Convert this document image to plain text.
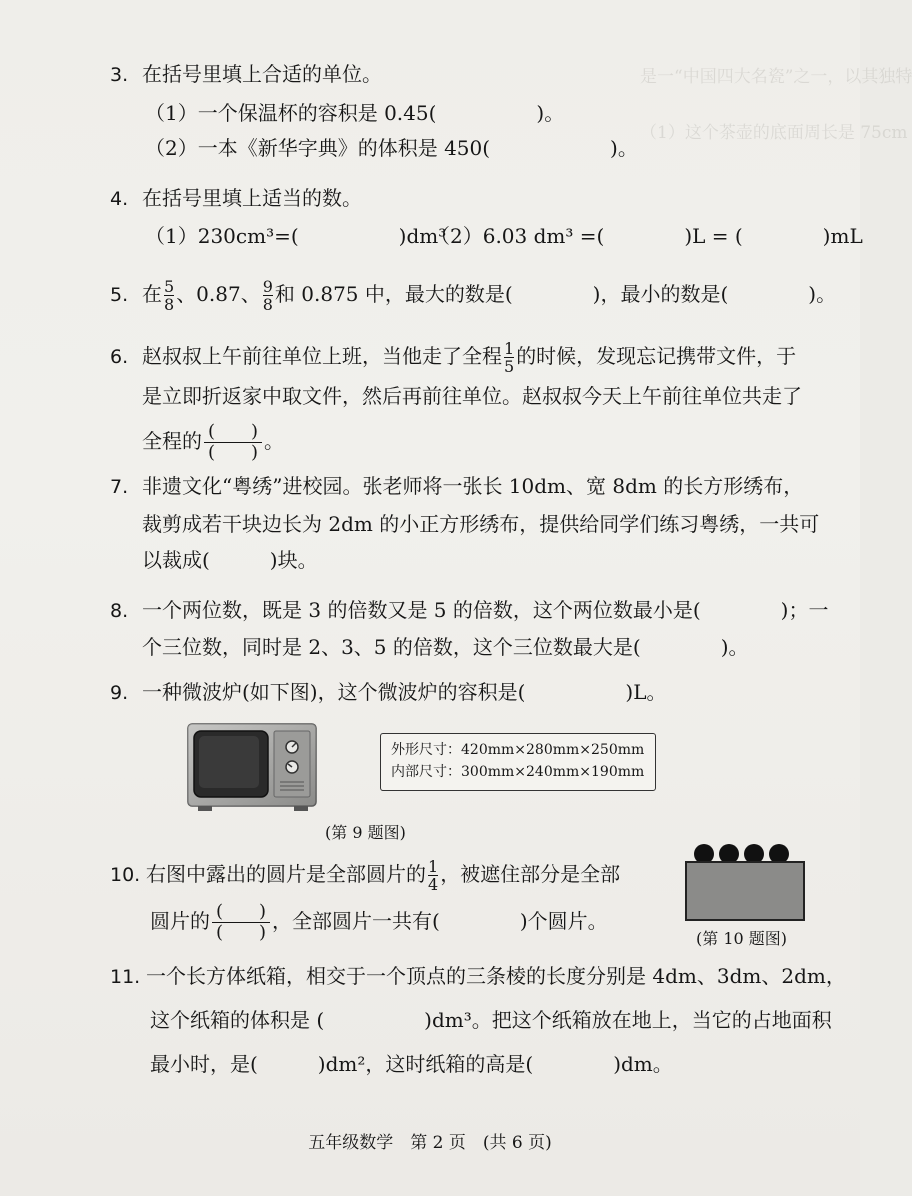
是一“中国四大名瓷”之一，以其独特
（1）这个茶壶的底面周长是 75cm
3. 在括号里填上合适的单位。
（1）一个保温杯的容积是 0.45(　　　　　)。
（2）一本《新华字典》的体积是 450(　　　　　　)。
4. 在括号里填上适当的数。
（1）230cm³=(　　　　　)dm³
（2）6.03 dm³ =(　　　　)L = (　　　　)mL
5. 在 $\frac{5}{8}$ 、0.87、 $\frac{9}{8}$ 和 0.875 中，最大的数是(　　　　)，最小的数是(　　　　)。
6. 赵叔叔上午前往单位上班，当他走了全程 $\frac{1}{5}$ 的时候，发现忘记携带文件，于
是立即折返家中取文件，然后再前往单位。赵叔叔今天上午前往单位共走了
全程的 $\frac{( )}{( )}$ 。
7. 非遗文化“粤绣”进校园。张老师将一张长 10dm、宽 8dm 的长方形绣布，
裁剪成若干块边长为 2dm 的小正方形绣布，提供给同学们练习粤绣，一共可
以裁成(　　　)块。
8. 一个两位数，既是 3 的倍数又是 5 的倍数，这个两位数最小是(　　　　)；一
个三位数，同时是 2、3、5 的倍数，这个三位数最大是(　　　　)。
9. 一种微波炉(如下图)，这个微波炉的容积是(　　　　　)L。
外形尺寸：420mm×280mm×250mm
内部尺寸：300mm×240mm×190mm
(第 9 题图)
10. 右图中露出的圆片是全部圆片的 $\frac{1}{4}$ ，被遮住部分是全部
圆片的 $\frac{( )}{( )}$ ，全部圆片一共有(　　　　)个圆片。
(第 10 题图)
11. 一个长方体纸箱，相交于一个顶点的三条棱的长度分别是 4dm、3dm、2dm，
这个纸箱的体积是 (　　　　　)dm³。把这个纸箱放在地上，当它的占地面积
最小时，是(　　　)dm²，这时纸箱的高是(　　　　)dm。
五年级数学　第 2 页　(共 6 页)
